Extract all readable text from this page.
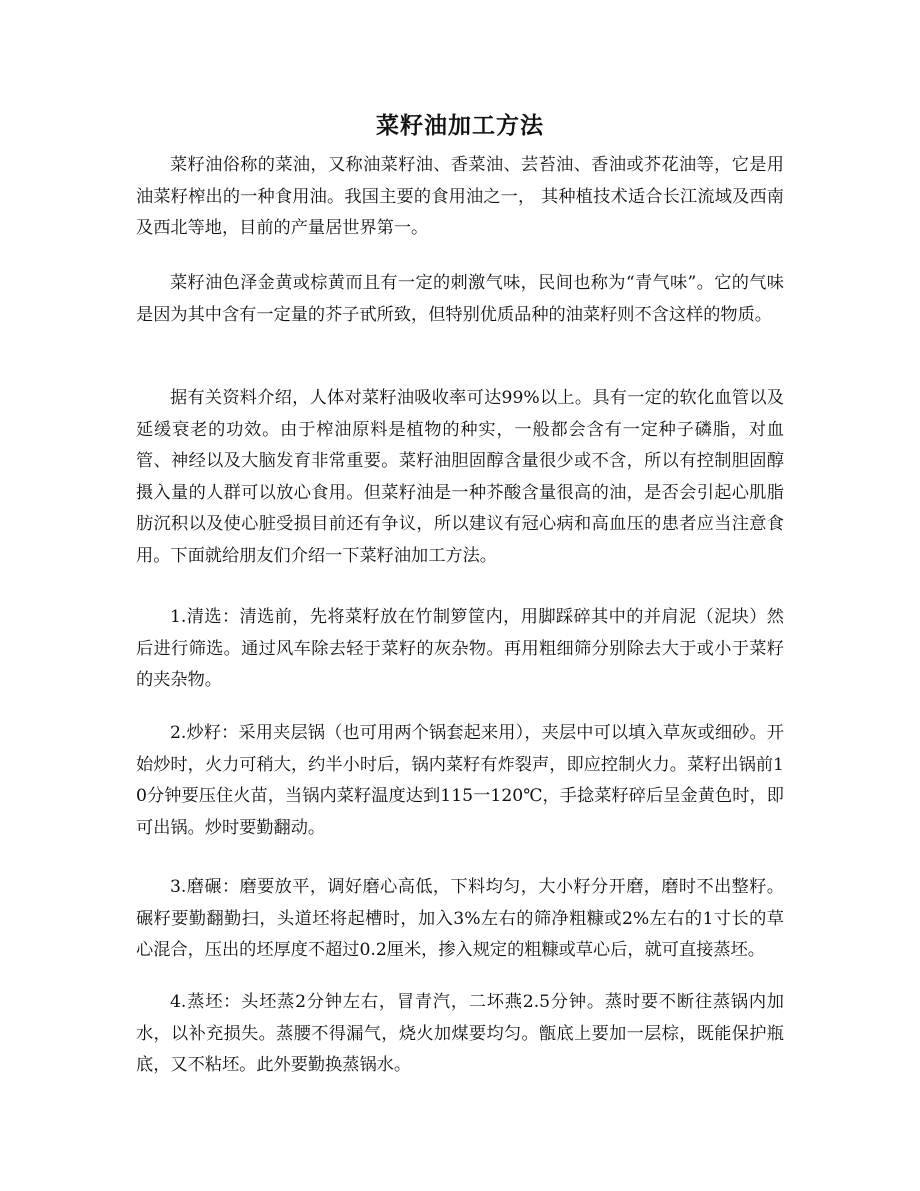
菜籽油加工方法

菜籽油俗称的菜油，又称油菜籽油、香菜油、芸苔油、香油或芥花油等，它是用油菜籽榨出的一种食用油。我国主要的食用油之一， 其种植技术适合长江流域及西南及西北等地，目前的产量居世界第一。

菜籽油色泽金黄或棕黄而且有一定的刺激气味，民间也称为“青气味”。它的气味是因为其中含有一定量的芥子甙所致，但特别优质品种的油菜籽则不含这样的物质。

据有关资料介绍，人体对菜籽油吸收率可达99%以上。具有一定的软化血管以及延缓衰老的功效。由于榨油原料是植物的种实，一般都会含有一定种子磷脂，对血管、神经以及大脑发育非常重要。菜籽油胆固醇含量很少或不含，所以有控制胆固醇摄入量的人群可以放心食用。但菜籽油是一种芥酸含量很高的油，是否会引起心肌脂肪沉积以及使心脏受损目前还有争议，所以建议有冠心病和高血压的患者应当注意食用。下面就给朋友们介绍一下菜籽油加工方法。

1.清选：清选前，先将菜籽放在竹制箩筐内，用脚踩碎其中的并肩泥（泥块）然后进行筛选。通过风车除去轻于菜籽的灰杂物。再用粗细筛分别除去大于或小于菜籽的夹杂物。

2.炒籽：采用夹层锅（也可用两个锅套起来用），夹层中可以填入草灰或细砂。开始炒时，火力可稍大，约半小时后，锅内菜籽有炸裂声，即应控制火力。菜籽出锅前10分钟要压住火苗，当锅内菜籽温度达到115一120℃，手捻菜籽碎后呈金黄色时，即可出锅。炒时要勤翻动。

3.磨碾：磨要放平，调好磨心高低，下料均匀，大小籽分开磨，磨时不出整籽。碾籽要勤翻勤扫，头道坯将起槽时，加入3%左右的筛净粗糠或2%左右的1寸长的草心混合，压出的坯厚度不超过0.2厘米，掺入规定的粗糠或草心后，就可直接蒸坯。

4.蒸坯：头坯蒸2分钟左右，冒青汽，二坏燕2.5分钟。蒸时要不断往蒸锅内加水，以补充损失。蒸腰不得漏气，烧火加煤要均匀。甑底上要加一层棕，既能保护瓶底，又不粘坯。此外要勤换蒸锅水。
